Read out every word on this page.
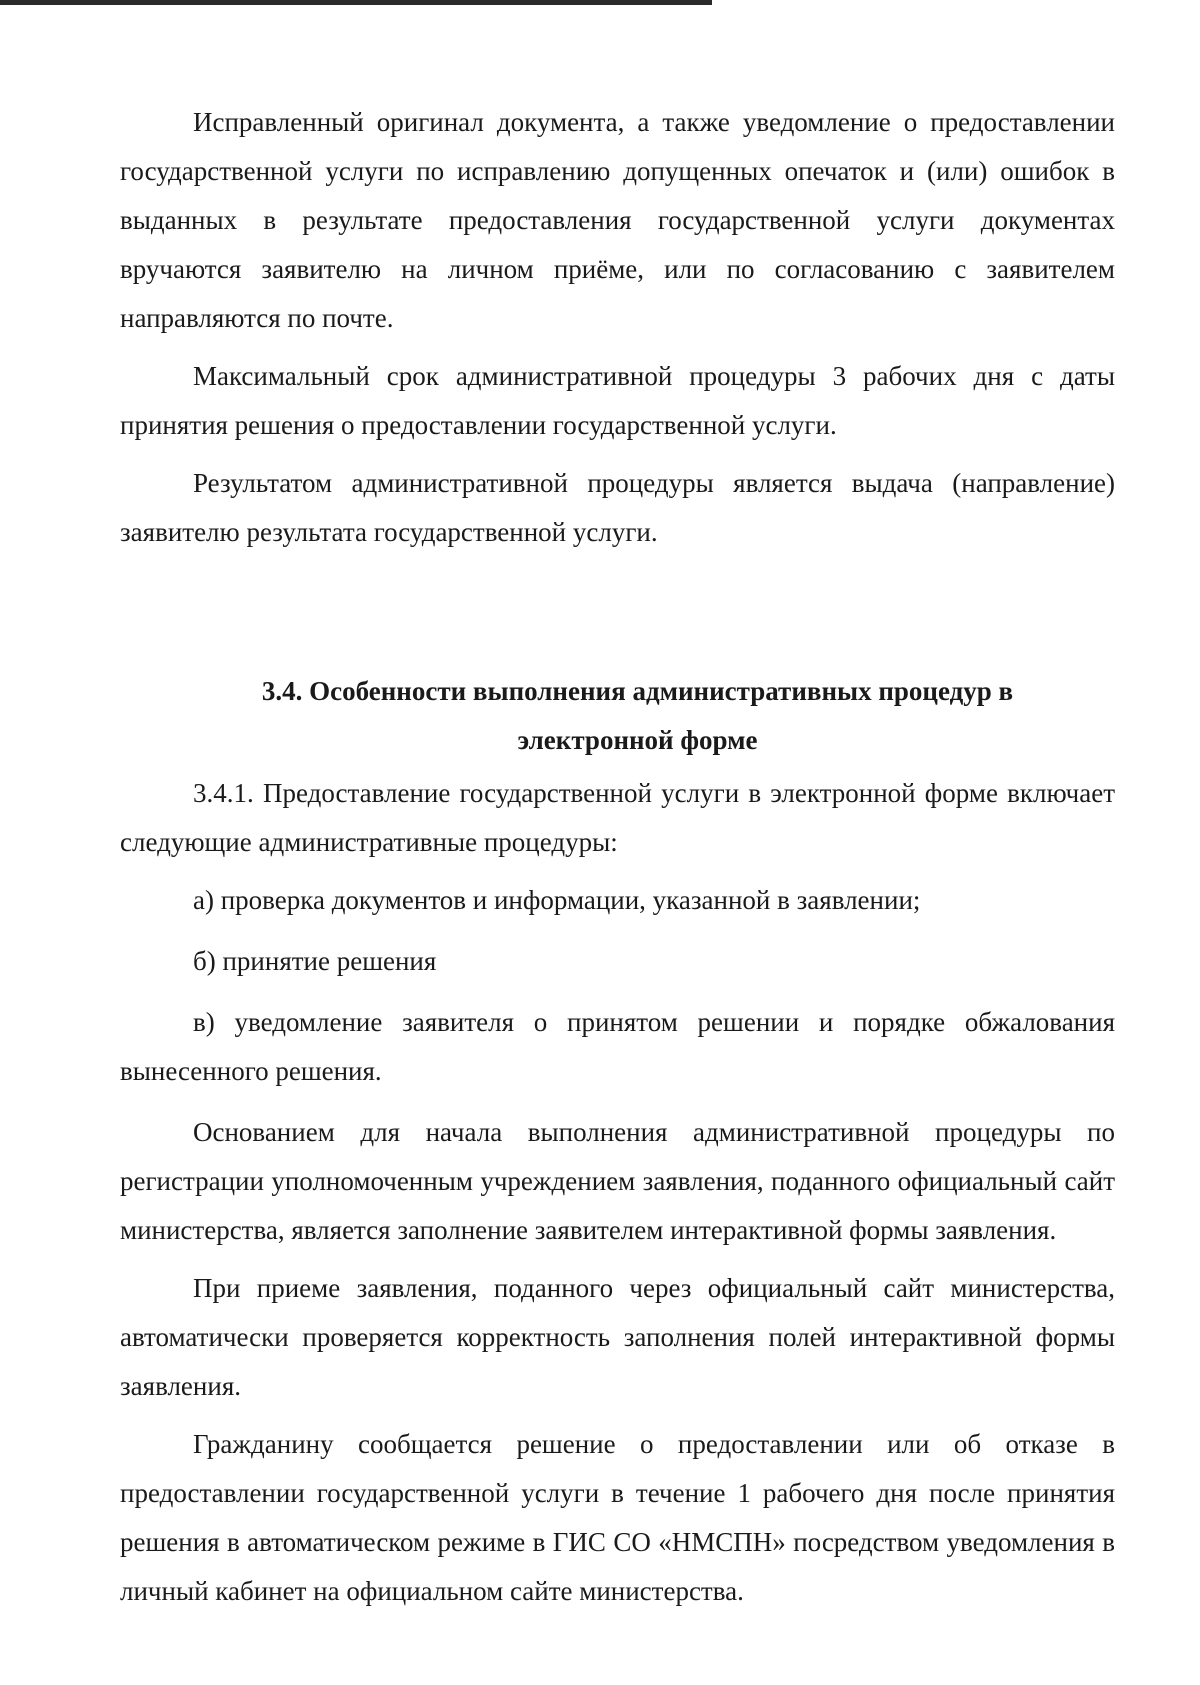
Исправленный оригинал документа, а также уведомление о предоставлении государственной услуги по исправлению допущенных опечаток и (или) ошибок в выданных в результате предоставления государственной услуги документах вручаются заявителю на личном приёме, или по согласованию с заявителем направляются по почте.

Максимальный срок административной процедуры 3 рабочих дня с даты принятия решения о предоставлении государственной услуги.

Результатом административной процедуры является выдача (направление) заявителю результата государственной услуги.

3.4. Особенности выполнения административных процедур в
электронной форме

3.4.1. Предоставление государственной услуги в электронной форме включает следующие административные процедуры:

а) проверка документов и информации, указанной в заявлении;

б) принятие решения

в) уведомление заявителя о принятом решении и порядке обжалования вынесенного решения.

Основанием для начала выполнения административной процедуры по регистрации уполномоченным учреждением заявления, поданного официальный сайт министерства, является заполнение заявителем интерактивной формы заявления.

При приеме заявления, поданного через официальный сайт министерства, автоматически проверяется корректность заполнения полей интерактивной формы заявления.

Гражданину сообщается решение о предоставлении или об отказе в предоставлении государственной услуги в течение 1 рабочего дня после принятия решения в автоматическом режиме в ГИС СО «НМСПН» посредством уведомления в личный кабинет на официальном сайте министерства.
